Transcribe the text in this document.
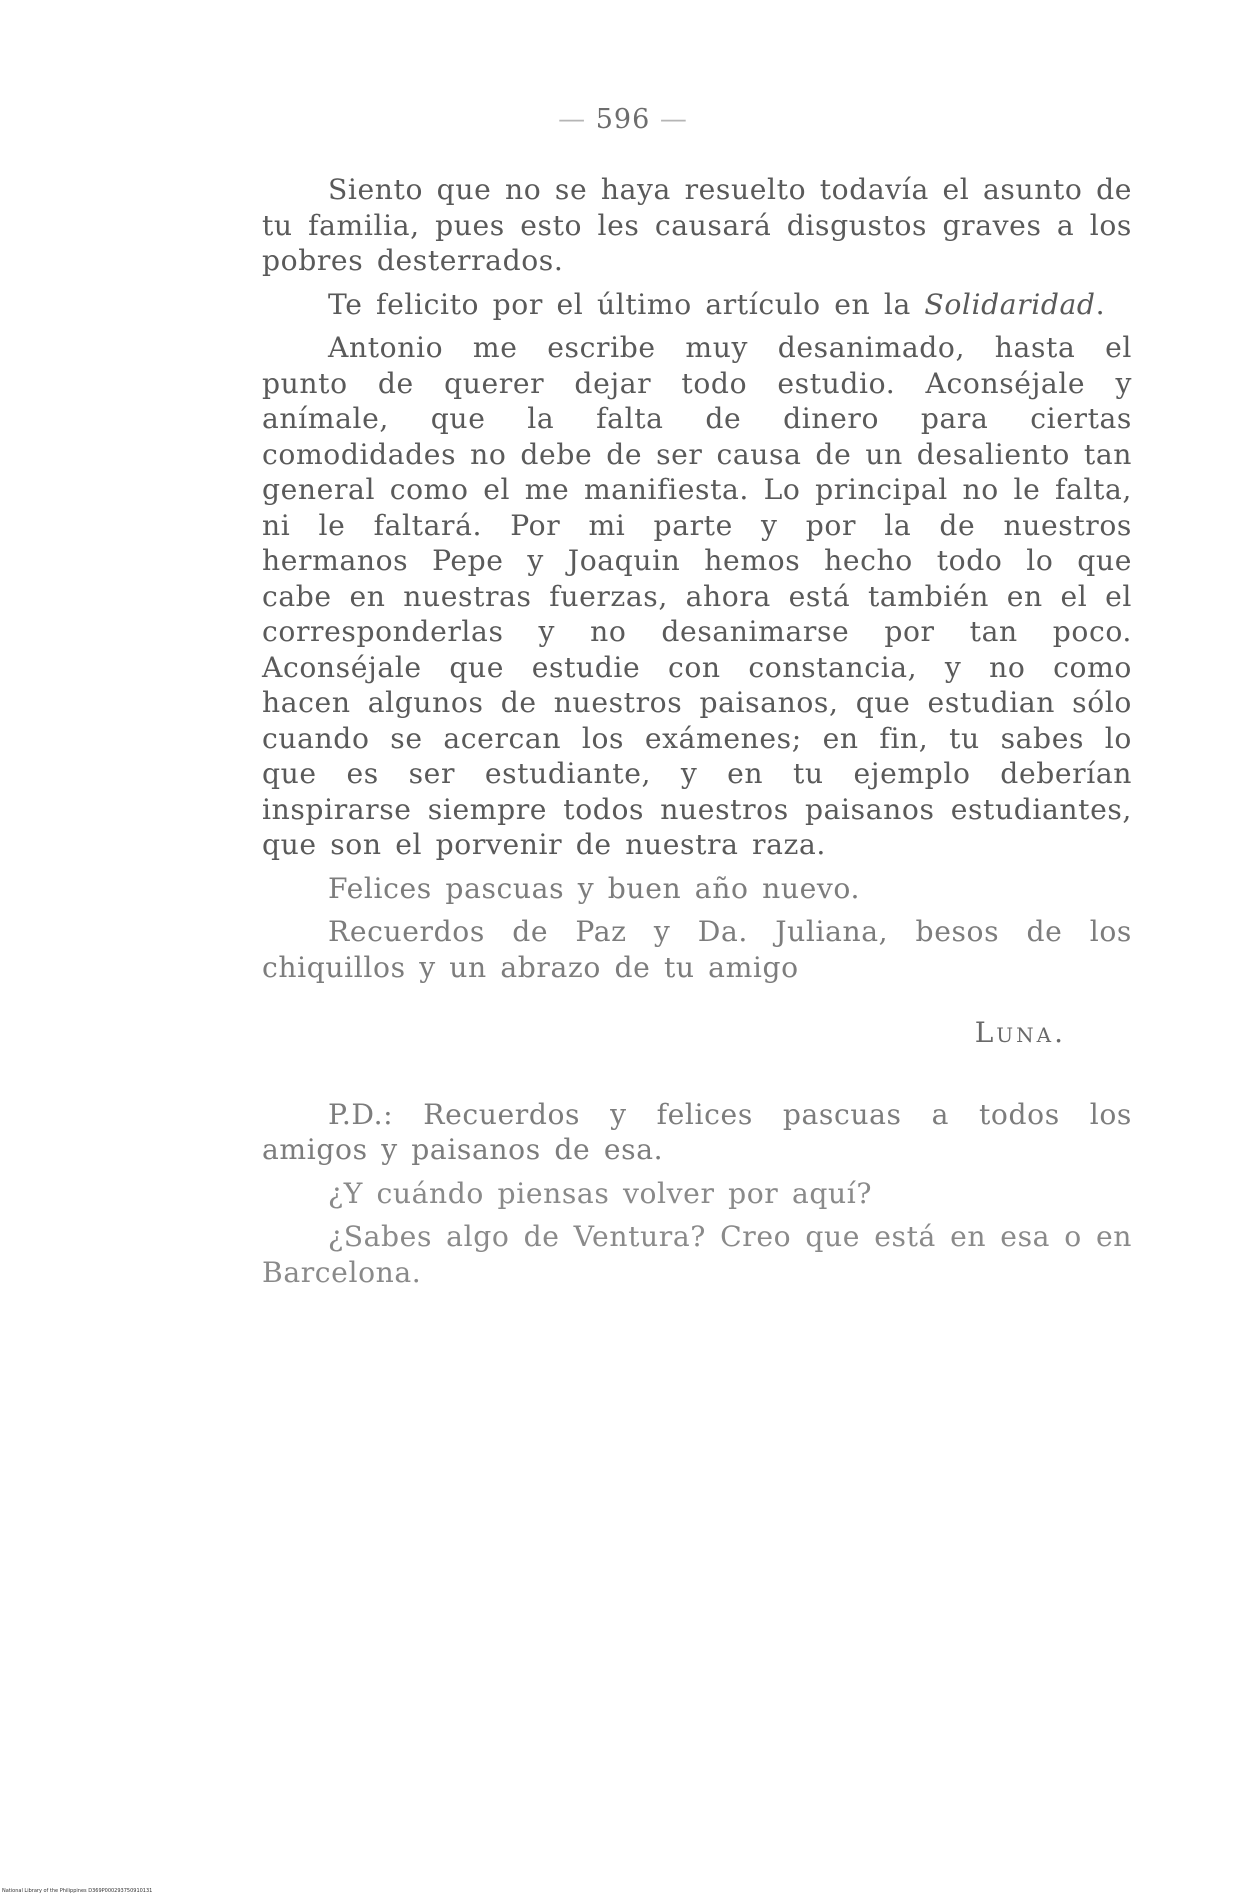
— 596 —

Siento que no se haya resuelto todavía el asunto de tu familia, pues esto les causará disgustos graves a los pobres desterrados.

Te felicito por el último artículo en la Solidaridad.

Antonio me escribe muy desanimado, hasta el punto de querer dejar todo estudio. Aconséjale y anímale, que la falta de dinero para ciertas comodidades no debe de ser causa de un desaliento tan general como el me manifiesta. Lo principal no le falta, ni le faltará. Por mi parte y por la de nuestros hermanos Pepe y Joaquin hemos hecho todo lo que cabe en nuestras fuerzas, ahora está también en el el corresponderlas y no desanimarse por tan poco. Aconséjale que estudie con constancia, y no como hacen algunos de nuestros paisanos, que estudian sólo cuando se acercan los exámenes; en fin, tu sabes lo que es ser estudiante, y en tu ejemplo deberían inspirarse siempre todos nuestros paisanos estudiantes, que son el porvenir de nuestra raza.

Felices pascuas y buen año nuevo.

Recuerdos de Paz y Da. Juliana, besos de los chiquillos y un abrazo de tu amigo

Luna.

P.D.: Recuerdos y felices pascuas a todos los amigos y paisanos de esa.

¿Y cuándo piensas volver por aquí?

¿Sabes algo de Ventura? Creo que está en esa o en Barcelona.

National Library of the Philippines D369P000293750910131
